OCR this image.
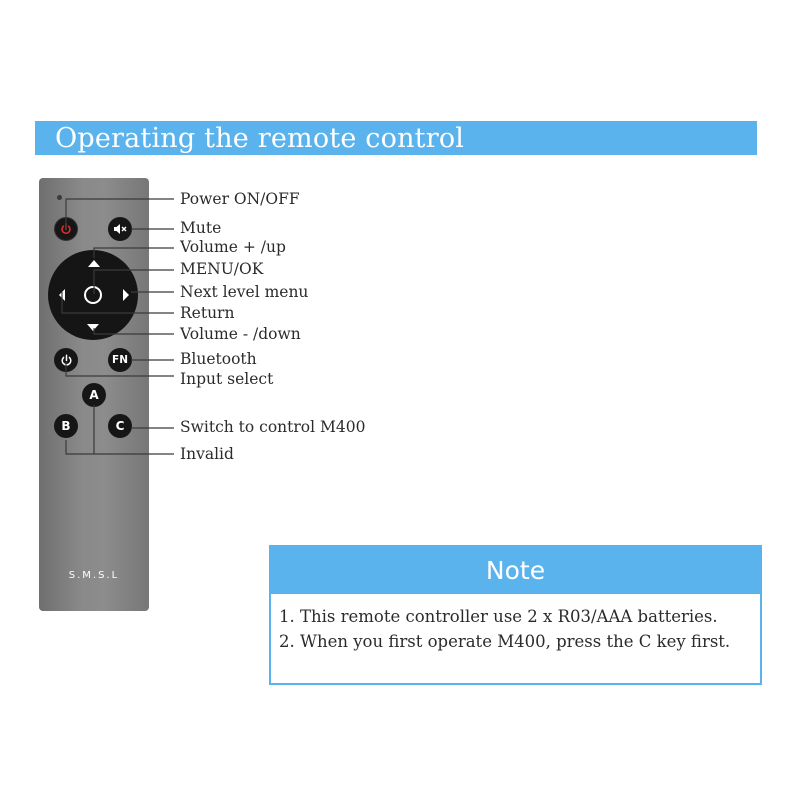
Operating the remote control
FN
A
B	C
S.M.S.L
Power ON/OFF
Mute
Volume + /up
MENU/OK
Next level menu
Return
Volume - /down
Bluetooth
Input select
Switch to control M400
Invalid
Note
1. This remote controller use 2 x R03/AAA batteries.
2. When you first operate M400, press the C key first.
